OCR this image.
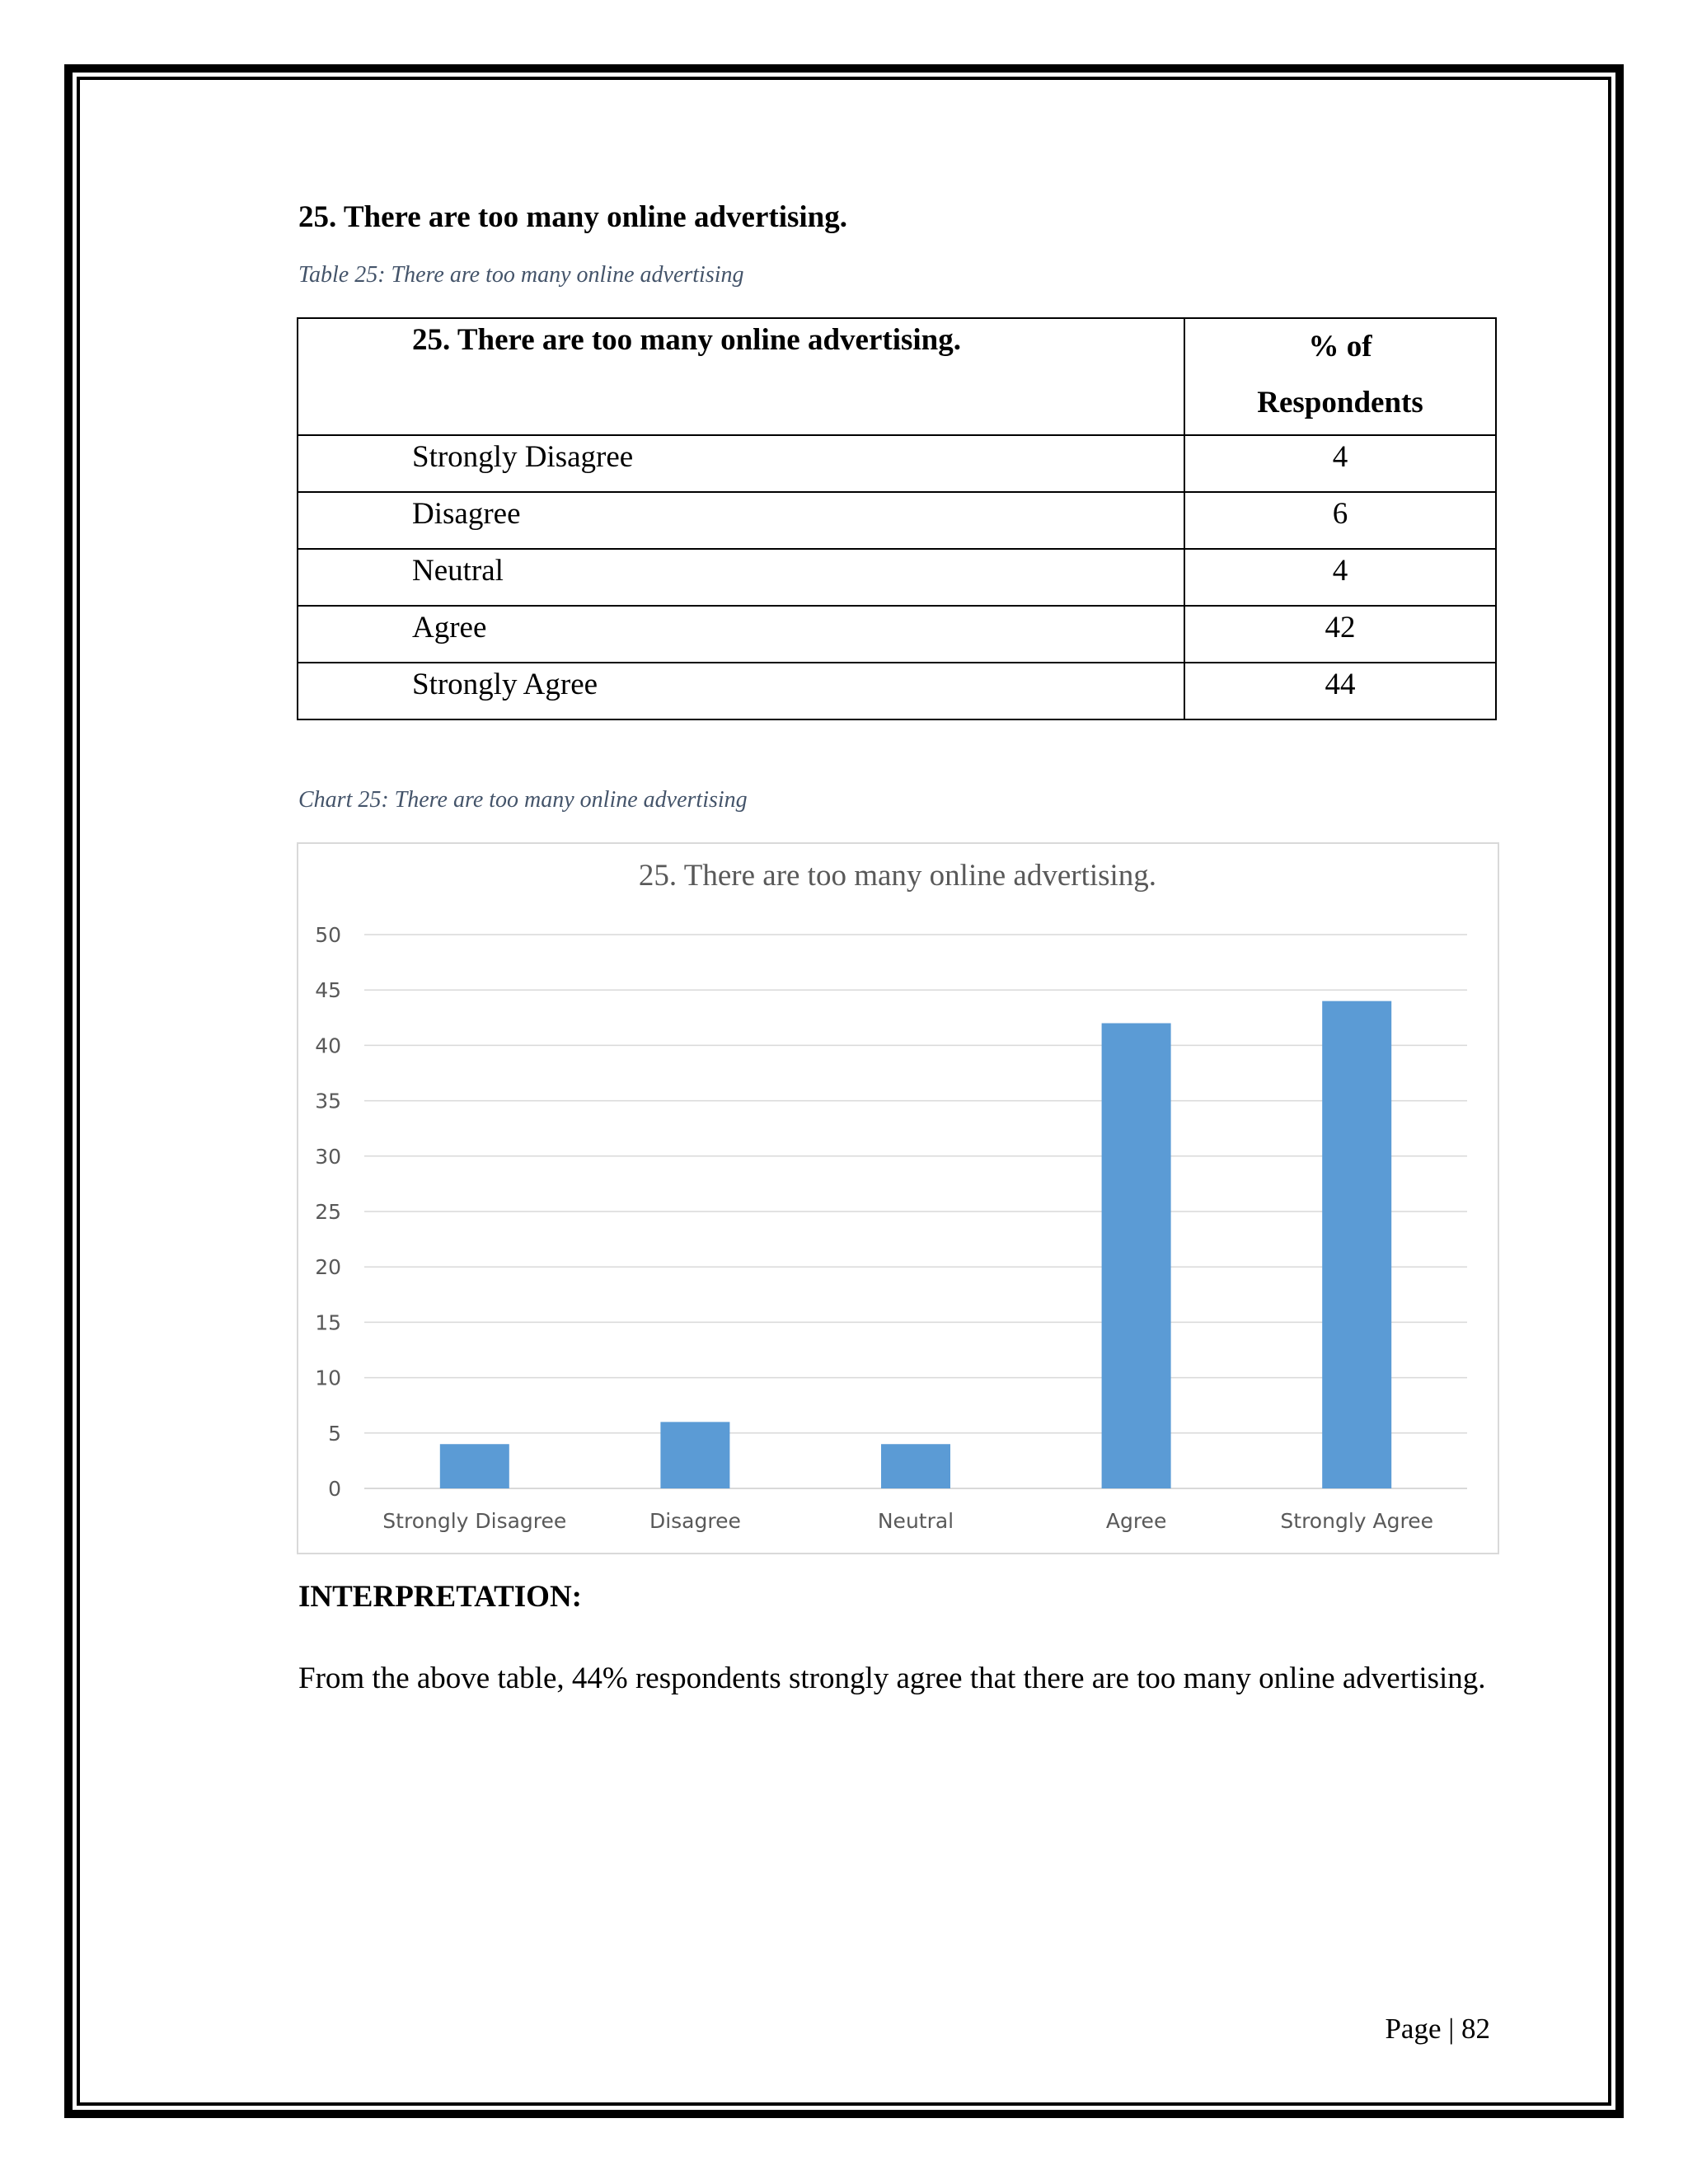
25. There are too many online advertising.
Table 25: There are too many online advertising
25. There are too many online advertising.	% of
Respondents
Strongly Disagree	4
Disagree	6
Neutral	4
Agree	42
Strongly Agree	44
Chart 25: There are too many online advertising
25. There are too many online advertising.
0
5
10
15
20
25
30
35
40
45
50
Strongly Disagree	Disagree	Neutral	Agree	Strongly Agree
INTERPRETATION:
From the above table, 44% respondents strongly agree that there are too many online advertising.
Page | 82
